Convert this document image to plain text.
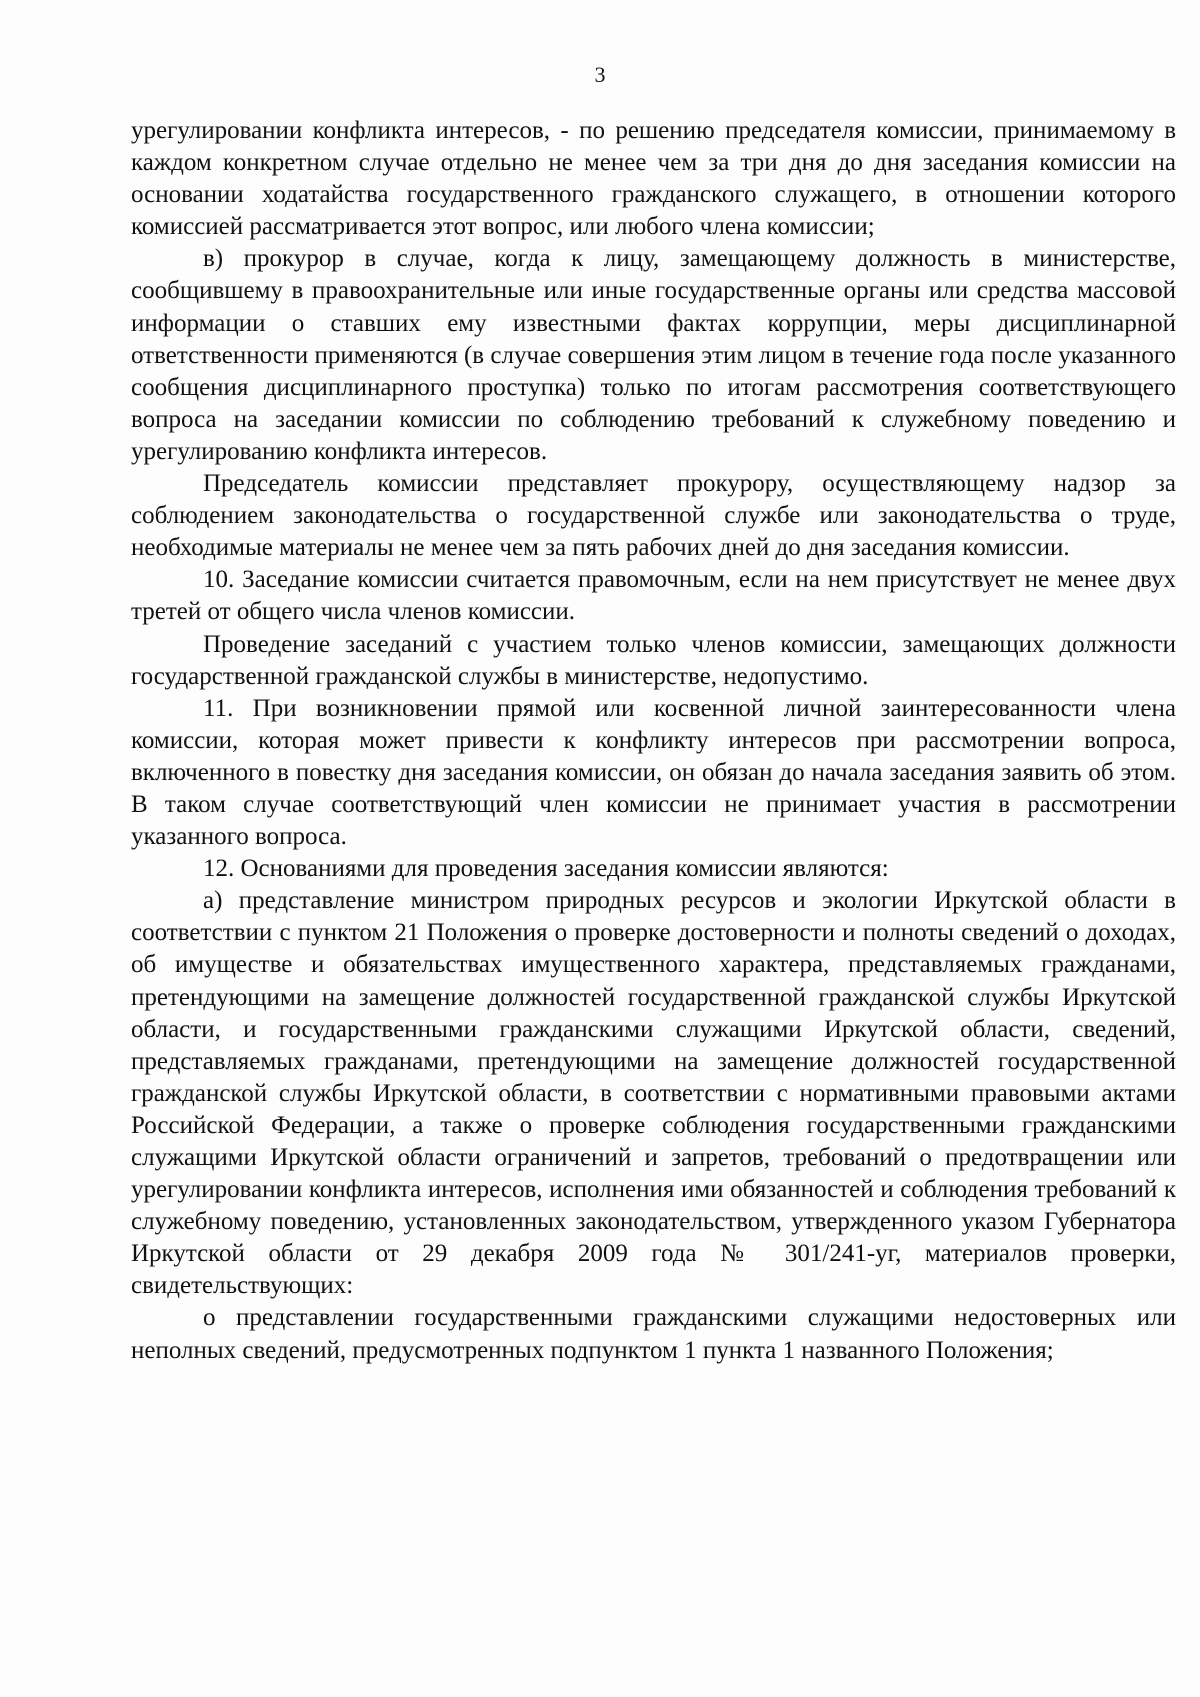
3

урегулировании конфликта интересов, - по решению председателя комиссии, принимаемому в каждом конкретном случае отдельно не менее чем за три дня до дня заседания комиссии на основании ходатайства государственного гражданского служащего, в отношении которого комиссией рассматривается этот вопрос, или любого члена комиссии;

в) прокурор в случае, когда к лицу, замещающему должность в министерстве, сообщившему в правоохранительные или иные государственные органы или средства массовой информации о ставших ему известными фактах коррупции, меры дисциплинарной ответственности применяются (в случае совершения этим лицом в течение года после указанного сообщения дисциплинарного проступка) только по итогам рассмотрения соответствующего вопроса на заседании комиссии по соблюдению требований к служебному поведению и урегулированию конфликта интересов.

Председатель комиссии представляет прокурору, осуществляющему надзор за соблюдением законодательства о государственной службе или законодательства о труде, необходимые материалы не менее чем за пять рабочих дней до дня заседания комиссии.

10. Заседание комиссии считается правомочным, если на нем присутствует не менее двух третей от общего числа членов комиссии.

Проведение заседаний с участием только членов комиссии, замещающих должности государственной гражданской службы в министерстве, недопустимо.

11. При возникновении прямой или косвенной личной заинтересованности члена комиссии, которая может привести к конфликту интересов при рассмотрении вопроса, включенного в повестку дня заседания комиссии, он обязан до начала заседания заявить об этом. В таком случае соответствующий член комиссии не принимает участия в рассмотрении указанного вопроса.

12. Основаниями для проведения заседания комиссии являются:

а) представление министром природных ресурсов и экологии Иркутской области в соответствии с пунктом 21 Положения о проверке достоверности и полноты сведений о доходах, об имуществе и обязательствах имущественного характера, представляемых гражданами, претендующими на замещение должностей государственной гражданской службы Иркутской области, и государственными гражданскими служащими Иркутской области, сведений, представляемых гражданами, претендующими на замещение должностей государственной гражданской службы Иркутской области, в соответствии с нормативными правовыми актами Российской Федерации, а также о проверке соблюдения государственными гражданскими служащими Иркутской области ограничений и запретов, требований о предотвращении или урегулировании конфликта интересов, исполнения ими обязанностей и соблюдения требований к служебному поведению, установленных законодательством, утвержденного указом Губернатора Иркутской области от 29 декабря 2009 года № 301/241-уг, материалов проверки, свидетельствующих:

о представлении государственными гражданскими служащими недостоверных или неполных сведений, предусмотренных подпунктом 1 пункта 1 названного Положения;
